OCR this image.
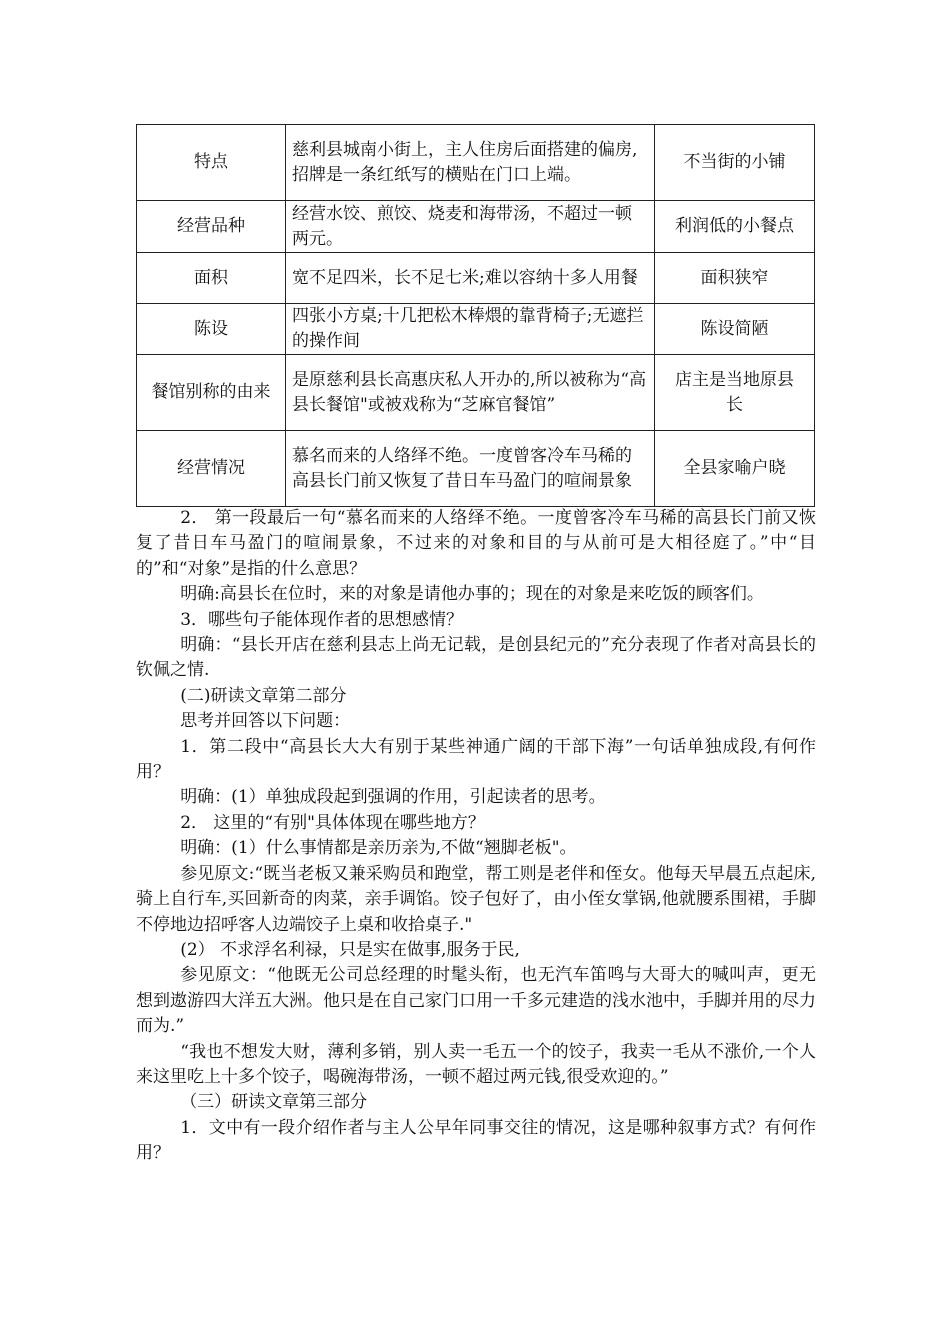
特点	慈利县城南小街上，主人住房后面搭建的偏房,招牌是一条红纸写的横贴在门口上端。	不当街的小铺
经营品种	经营水饺、煎饺、烧麦和海带汤，不超过一顿两元。	利润低的小餐点
面积	宽不足四米，长不足七米;难以容纳十多人用餐	面积狭窄
陈设	四张小方桌;十几把松木棒煨的靠背椅子;无遮拦的操作间	陈设简陋
餐馆别称的由来	是原慈利县长高惠庆私人开办的,所以被称为“高县长餐馆"或被戏称为“芝麻官餐馆”	店主是当地原县长
经营情况	慕名而来的人络绎不绝。一度曾客冷车马稀的高县长门前又恢复了昔日车马盈门的喧闹景象	全县家喻户晓

2． 第一段最后一句“慕名而来的人络绎不绝。一度曾客冷车马稀的高县长门前又恢复了昔日车马盈门的喧闹景象，不过来的对象和目的与从前可是大相径庭了。”中“目的”和“对象”是指的什么意思？

明确:高县长在位时，来的对象是请他办事的；现在的对象是来吃饭的顾客们。

3．哪些句子能体现作者的思想感情？

明确：“县长开店在慈利县志上尚无记载，是创县纪元的”充分表现了作者对高县长的钦佩之情.

(二)研读文章第二部分

思考并回答以下问题：

1．第二段中“高县长大大有别于某些神通广阔的干部下海”一句话单独成段,有何作用？

明确：(1）单独成段起到强调的作用，引起读者的思考。

2． 这里的“有别"具体体现在哪些地方？

明确：(1）什么事情都是亲历亲为,不做“翘脚老板"。

参见原文:“既当老板又兼采购员和跑堂，帮工则是老伴和侄女。他每天早晨五点起床,骑上自行车,买回新奇的肉菜，亲手调馅。饺子包好了，由小侄女掌锅,他就腰系围裙，手脚不停地边招呼客人边端饺子上桌和收拾桌子."

(2） 不求浮名利禄，只是实在做事,服务于民,

参见原文：“他既无公司总经理的时髦头衔，也无汽车笛鸣与大哥大的喊叫声，更无想到遨游四大洋五大洲。他只是在自己家门口用一千多元建造的浅水池中，手脚并用的尽力而为.”

“我也不想发大财，薄利多销，别人卖一毛五一个的饺子，我卖一毛从不涨价,一个人来这里吃上十多个饺子，喝碗海带汤，一顿不超过两元钱,很受欢迎的。”

（三）研读文章第三部分

1．文中有一段介绍作者与主人公早年同事交往的情况，这是哪种叙事方式？有何作用？
